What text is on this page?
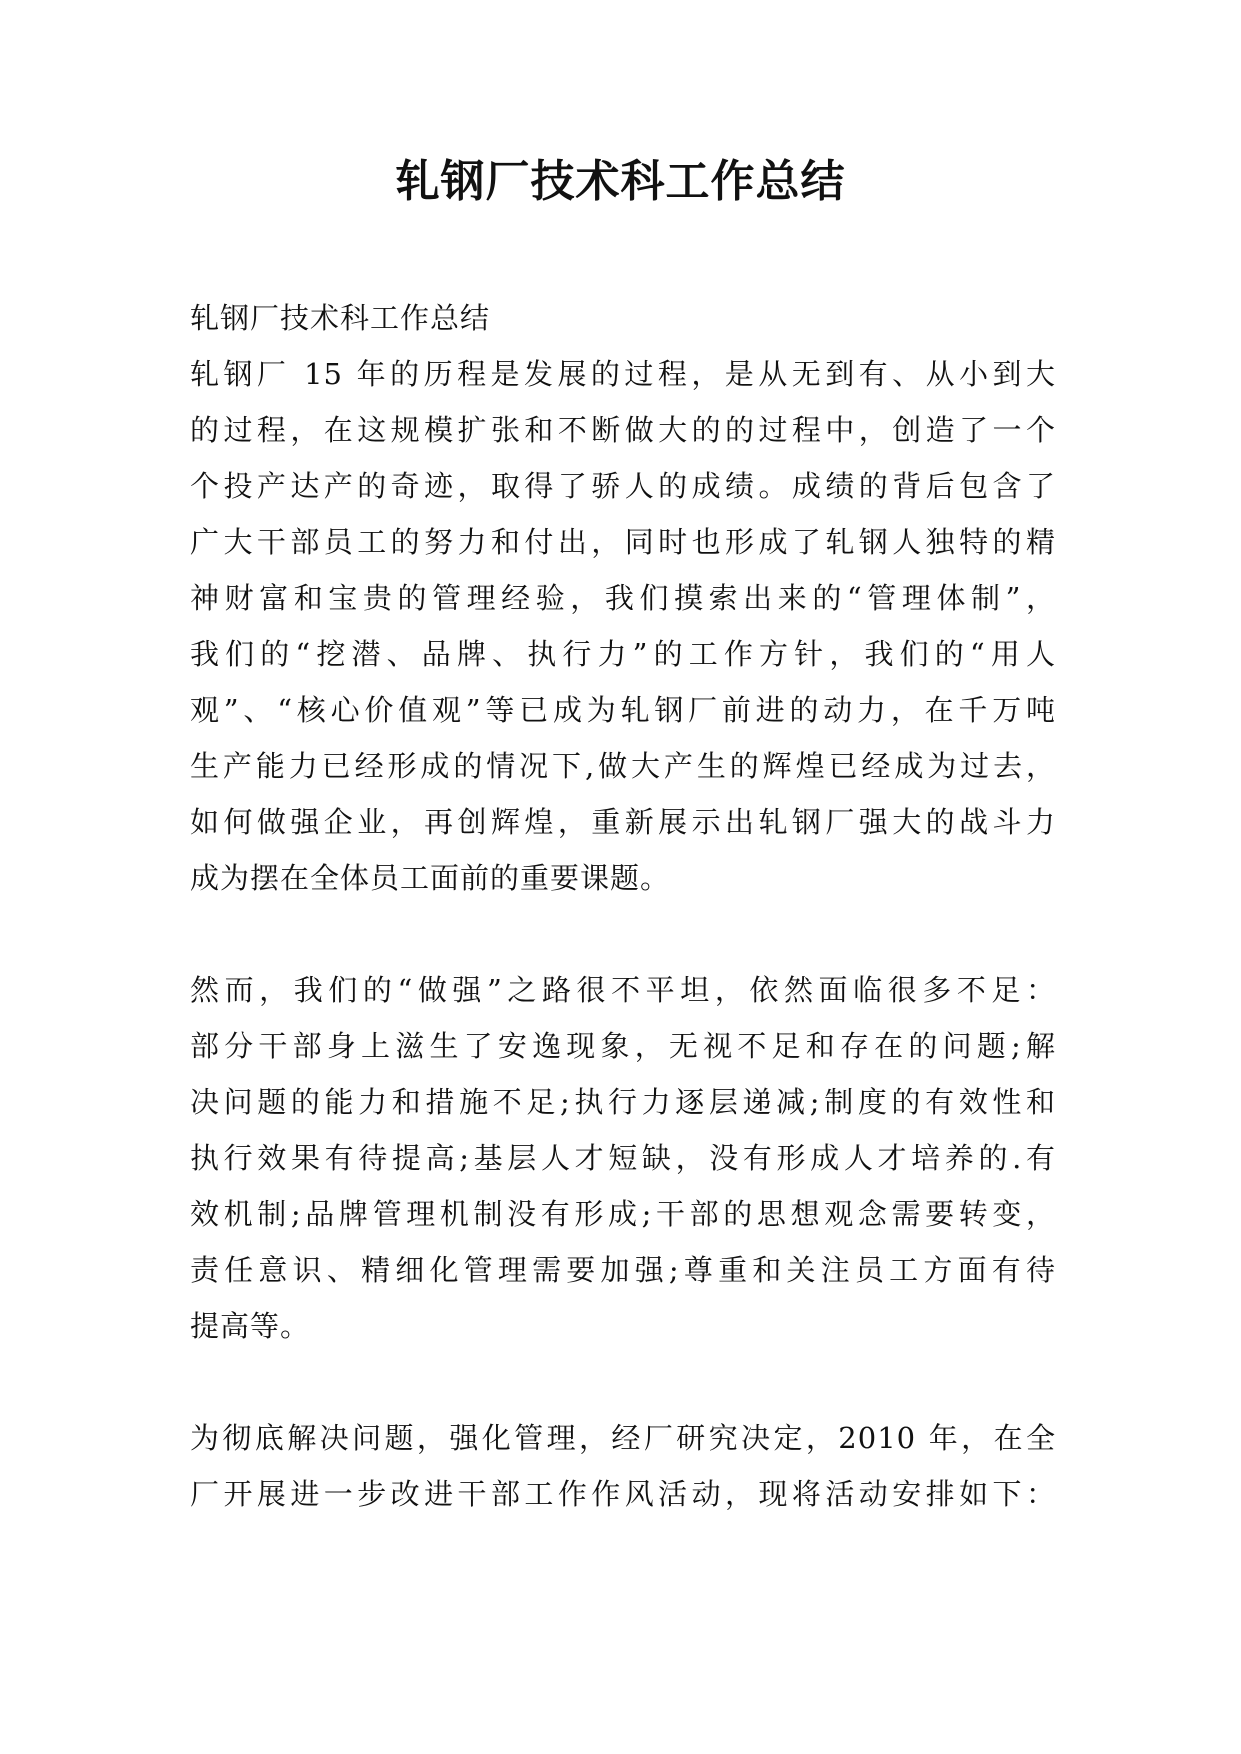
轧钢厂技术科工作总结
轧钢厂技术科工作总结
轧钢厂 15 年的历程是发展的过程，是从无到有、从小到大
的过程，在这规模扩张和不断做大的的过程中，创造了一个
个投产达产的奇迹，取得了骄人的成绩。成绩的背后包含了
广大干部员工的努力和付出，同时也形成了轧钢人独特的精
神财富和宝贵的管理经验，我们摸索出来的“管理体制”，
我们的“挖潜、品牌、执行力”的工作方针，我们的“用人
观”、“核心价值观”等已成为轧钢厂前进的动力，在千万吨
生产能力已经形成的情况下,做大产生的辉煌已经成为过去，
如何做强企业，再创辉煌，重新展示出轧钢厂强大的战斗力
成为摆在全体员工面前的重要课题。
然而，我们的“做强”之路很不平坦，依然面临很多不足：
部分干部身上滋生了安逸现象，无视不足和存在的问题;解
决问题的能力和措施不足;执行力逐层递减;制度的有效性和
执行效果有待提高;基层人才短缺，没有形成人才培养的.有
效机制;品牌管理机制没有形成;干部的思想观念需要转变，
责任意识、精细化管理需要加强;尊重和关注员工方面有待
提高等。
为彻底解决问题，强化管理，经厂研究决定，2010 年，在全
厂开展进一步改进干部工作作风活动，现将活动安排如下：
